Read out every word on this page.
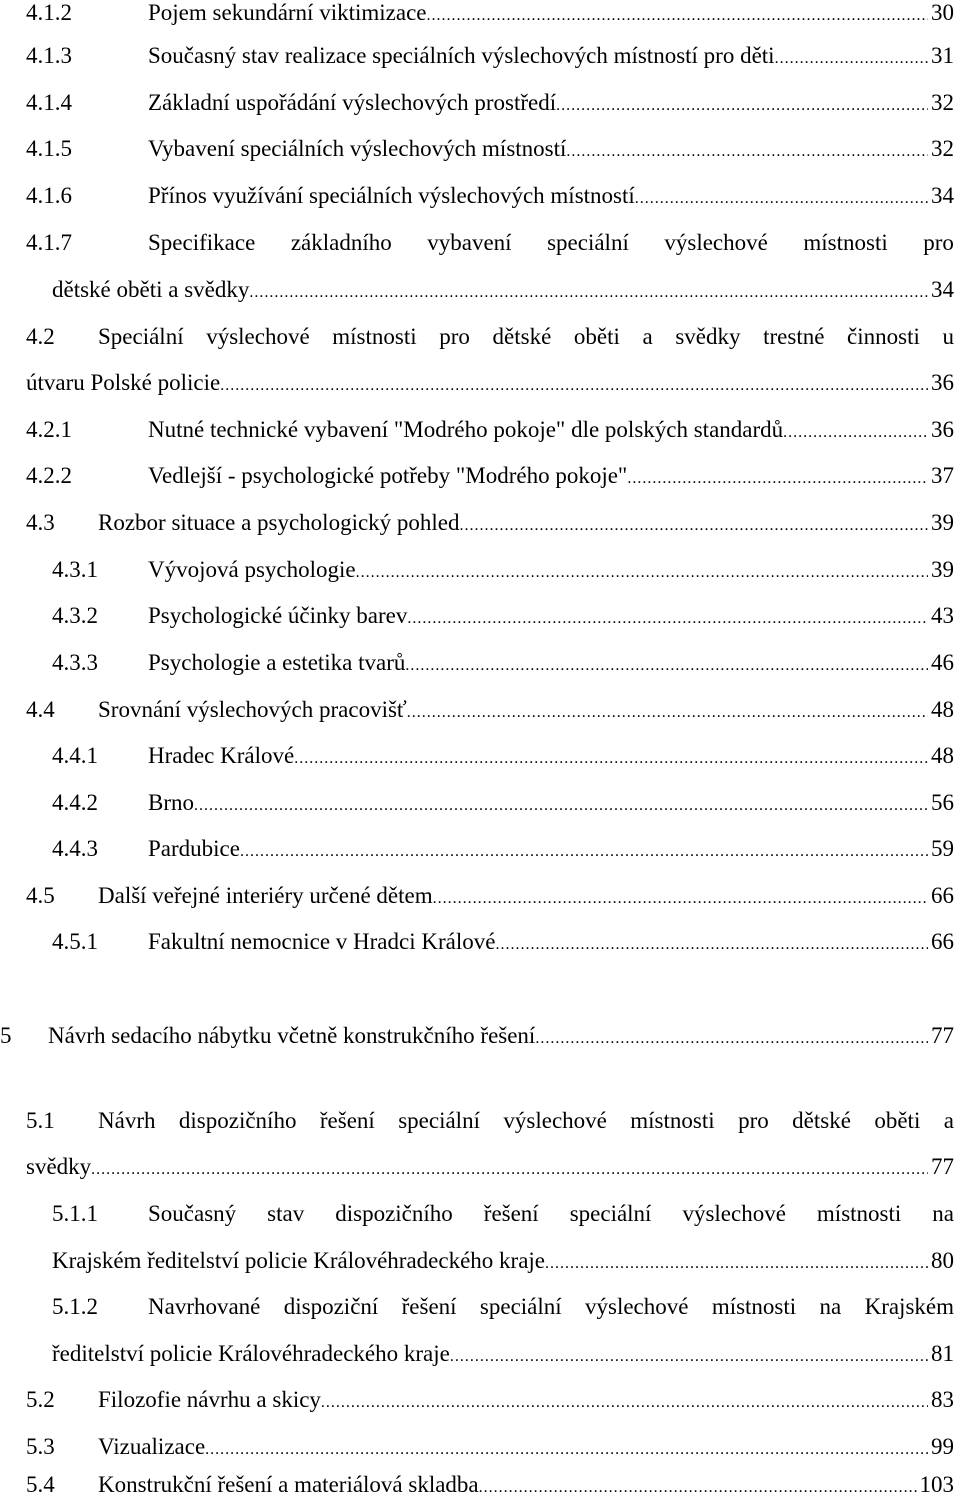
4.1.2	Pojem sekundární viktimizace .....	30
4.1.3	Současný stav realizace speciálních výslechových místností pro děti .....	31
4.1.4	Základní uspořádání výslechových prostředí .....	32
4.1.5	Vybavení speciálních výslechových místností .....	32
4.1.6	Přínos využívání speciálních výslechových místností .....	34
4.1.7	Specifikace základního vybavení speciální výslechové místnosti pro
dětské oběti a svědky .....	34
4.2	Speciální výslechové místnosti pro dětské oběti a svědky trestné činnosti u
útvaru Polské policie .....	36
4.2.1	Nutné technické vybavení "Modrého pokoje" dle polských standardů .....	36
4.2.2	Vedlejší - psychologické potřeby "Modrého pokoje" .....	37
4.3	Rozbor situace a psychologický pohled .....	39
4.3.1	Vývojová psychologie .....	39
4.3.2	Psychologické účinky barev .....	43
4.3.3	Psychologie a estetika tvarů .....	46
4.4	Srovnání výslechových pracovišť .....	48
4.4.1	Hradec Králové .....	48
4.4.2	Brno .....	56
4.4.3	Pardubice .....	59
4.5	Další veřejné interiéry určené dětem .....	66
4.5.1	Fakultní nemocnice v Hradci Králové .....	66
5	Návrh sedacího nábytku včetně konstrukčního řešení .....	77
5.1	Návrh dispozičního řešení speciální výslechové místnosti pro dětské oběti a
svědky .....	77
5.1.1	Současný stav dispozičního řešení speciální výslechové místnosti na
Krajském ředitelství policie Královéhradeckého kraje .....	80
5.1.2	Navrhované dispoziční řešení speciální výslechové místnosti na Krajském
ředitelství policie Královéhradeckého kraje .....	81
5.2	Filozofie návrhu a skicy .....	83
5.3	Vizualizace .....	99
5.4	Konstrukční řešení a materiálová skladba .....	103
